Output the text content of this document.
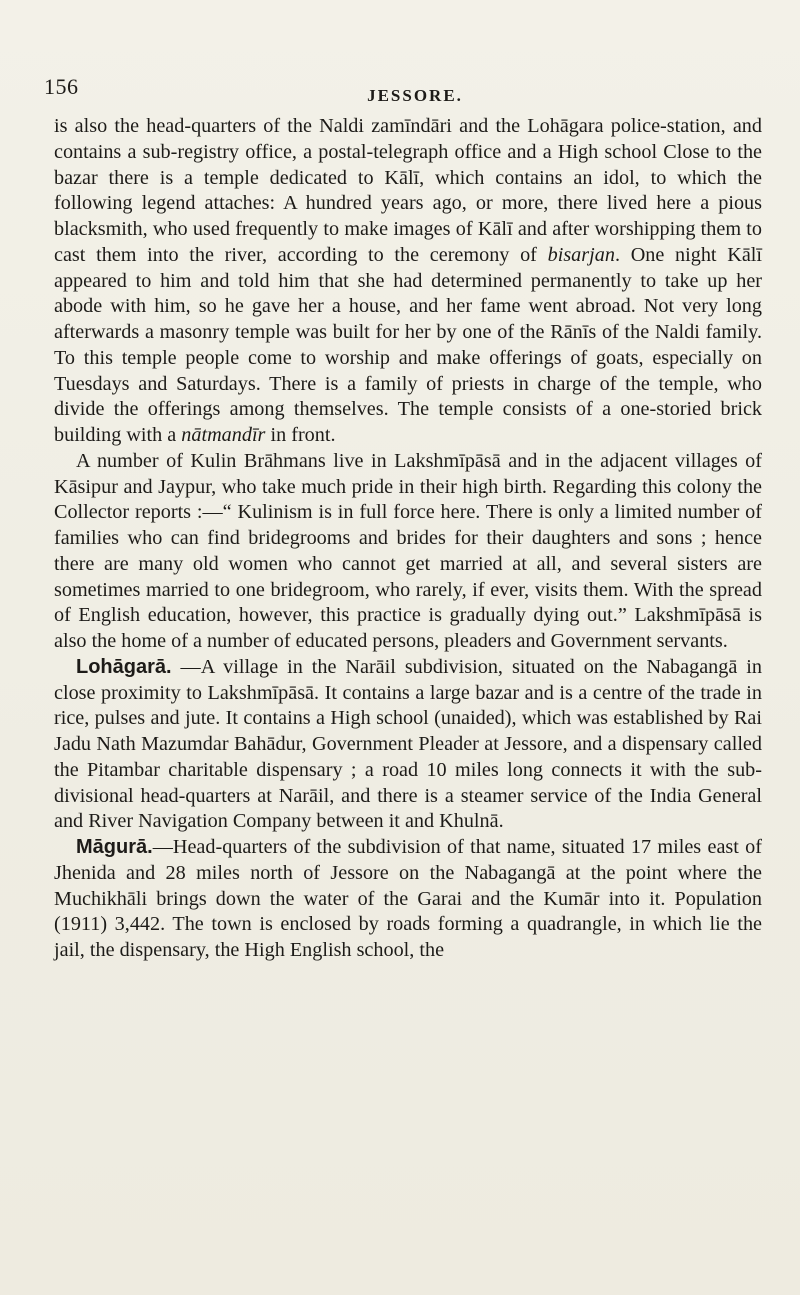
156	JESSORE.

is also the head-quarters of the Naldi zamīndāri and the Lohāgara police-station, and contains a sub-registry office, a postal-telegraph office and a High school Close to the bazar there is a temple dedicated to Kālī, which contains an idol, to which the following legend attaches: A hundred years ago, or more, there lived here a pious blacksmith, who used frequently to make images of Kālī and after worshipping them to cast them into the river, according to the ceremony of bisarjan. One night Kālī appeared to him and told him that she had determined permanently to take up her abode with him, so he gave her a house, and her fame went abroad. Not very long afterwards a masonry temple was built for her by one of the Rānīs of the Naldi family. To this temple people come to worship and make offerings of goats, especially on Tuesdays and Saturdays. There is a family of priests in charge of the temple, who divide the offerings among themselves. The temple consists of a one-storied brick building with a nātmandīr in front.

A number of Kulin Brāhmans live in Lakshmīpāsā and in the adjacent villages of Kāsipur and Jaypur, who take much pride in their high birth. Regarding this colony the Collector reports :—“ Kulinism is in full force here. There is only a limited number of families who can find bridegrooms and brides for their daughters and sons ; hence there are many old women who cannot get married at all, and several sisters are sometimes married to one bridegroom, who rarely, if ever, visits them. With the spread of English education, however, this practice is gradually dying out.” Lakshmīpāsā is also the home of a number of educated persons, pleaders and Government servants.

Lohāgarā. —A village in the Narāil subdivision, situated on the Nabagangā in close proximity to Lakshmīpāsā. It contains a large bazar and is a centre of the trade in rice, pulses and jute. It contains a High school (unaided), which was established by Rai Jadu Nath Mazumdar Bahādur, Government Pleader at Jessore, and a dispensary called the Pitambar charitable dispensary ; a road 10 miles long connects it with the sub-divisional head-quarters at Narāil, and there is a steamer service of the India General and River Navigation Company between it and Khulnā.

Māgurā.—Head-quarters of the subdivision of that name, situated 17 miles east of Jhenida and 28 miles north of Jessore on the Nabagangā at the point where the Muchikhāli brings down the water of the Garai and the Kumār into it. Population (1911) 3,442. The town is enclosed by roads forming a quadrangle, in which lie the jail, the dispensary, the High English school, the
